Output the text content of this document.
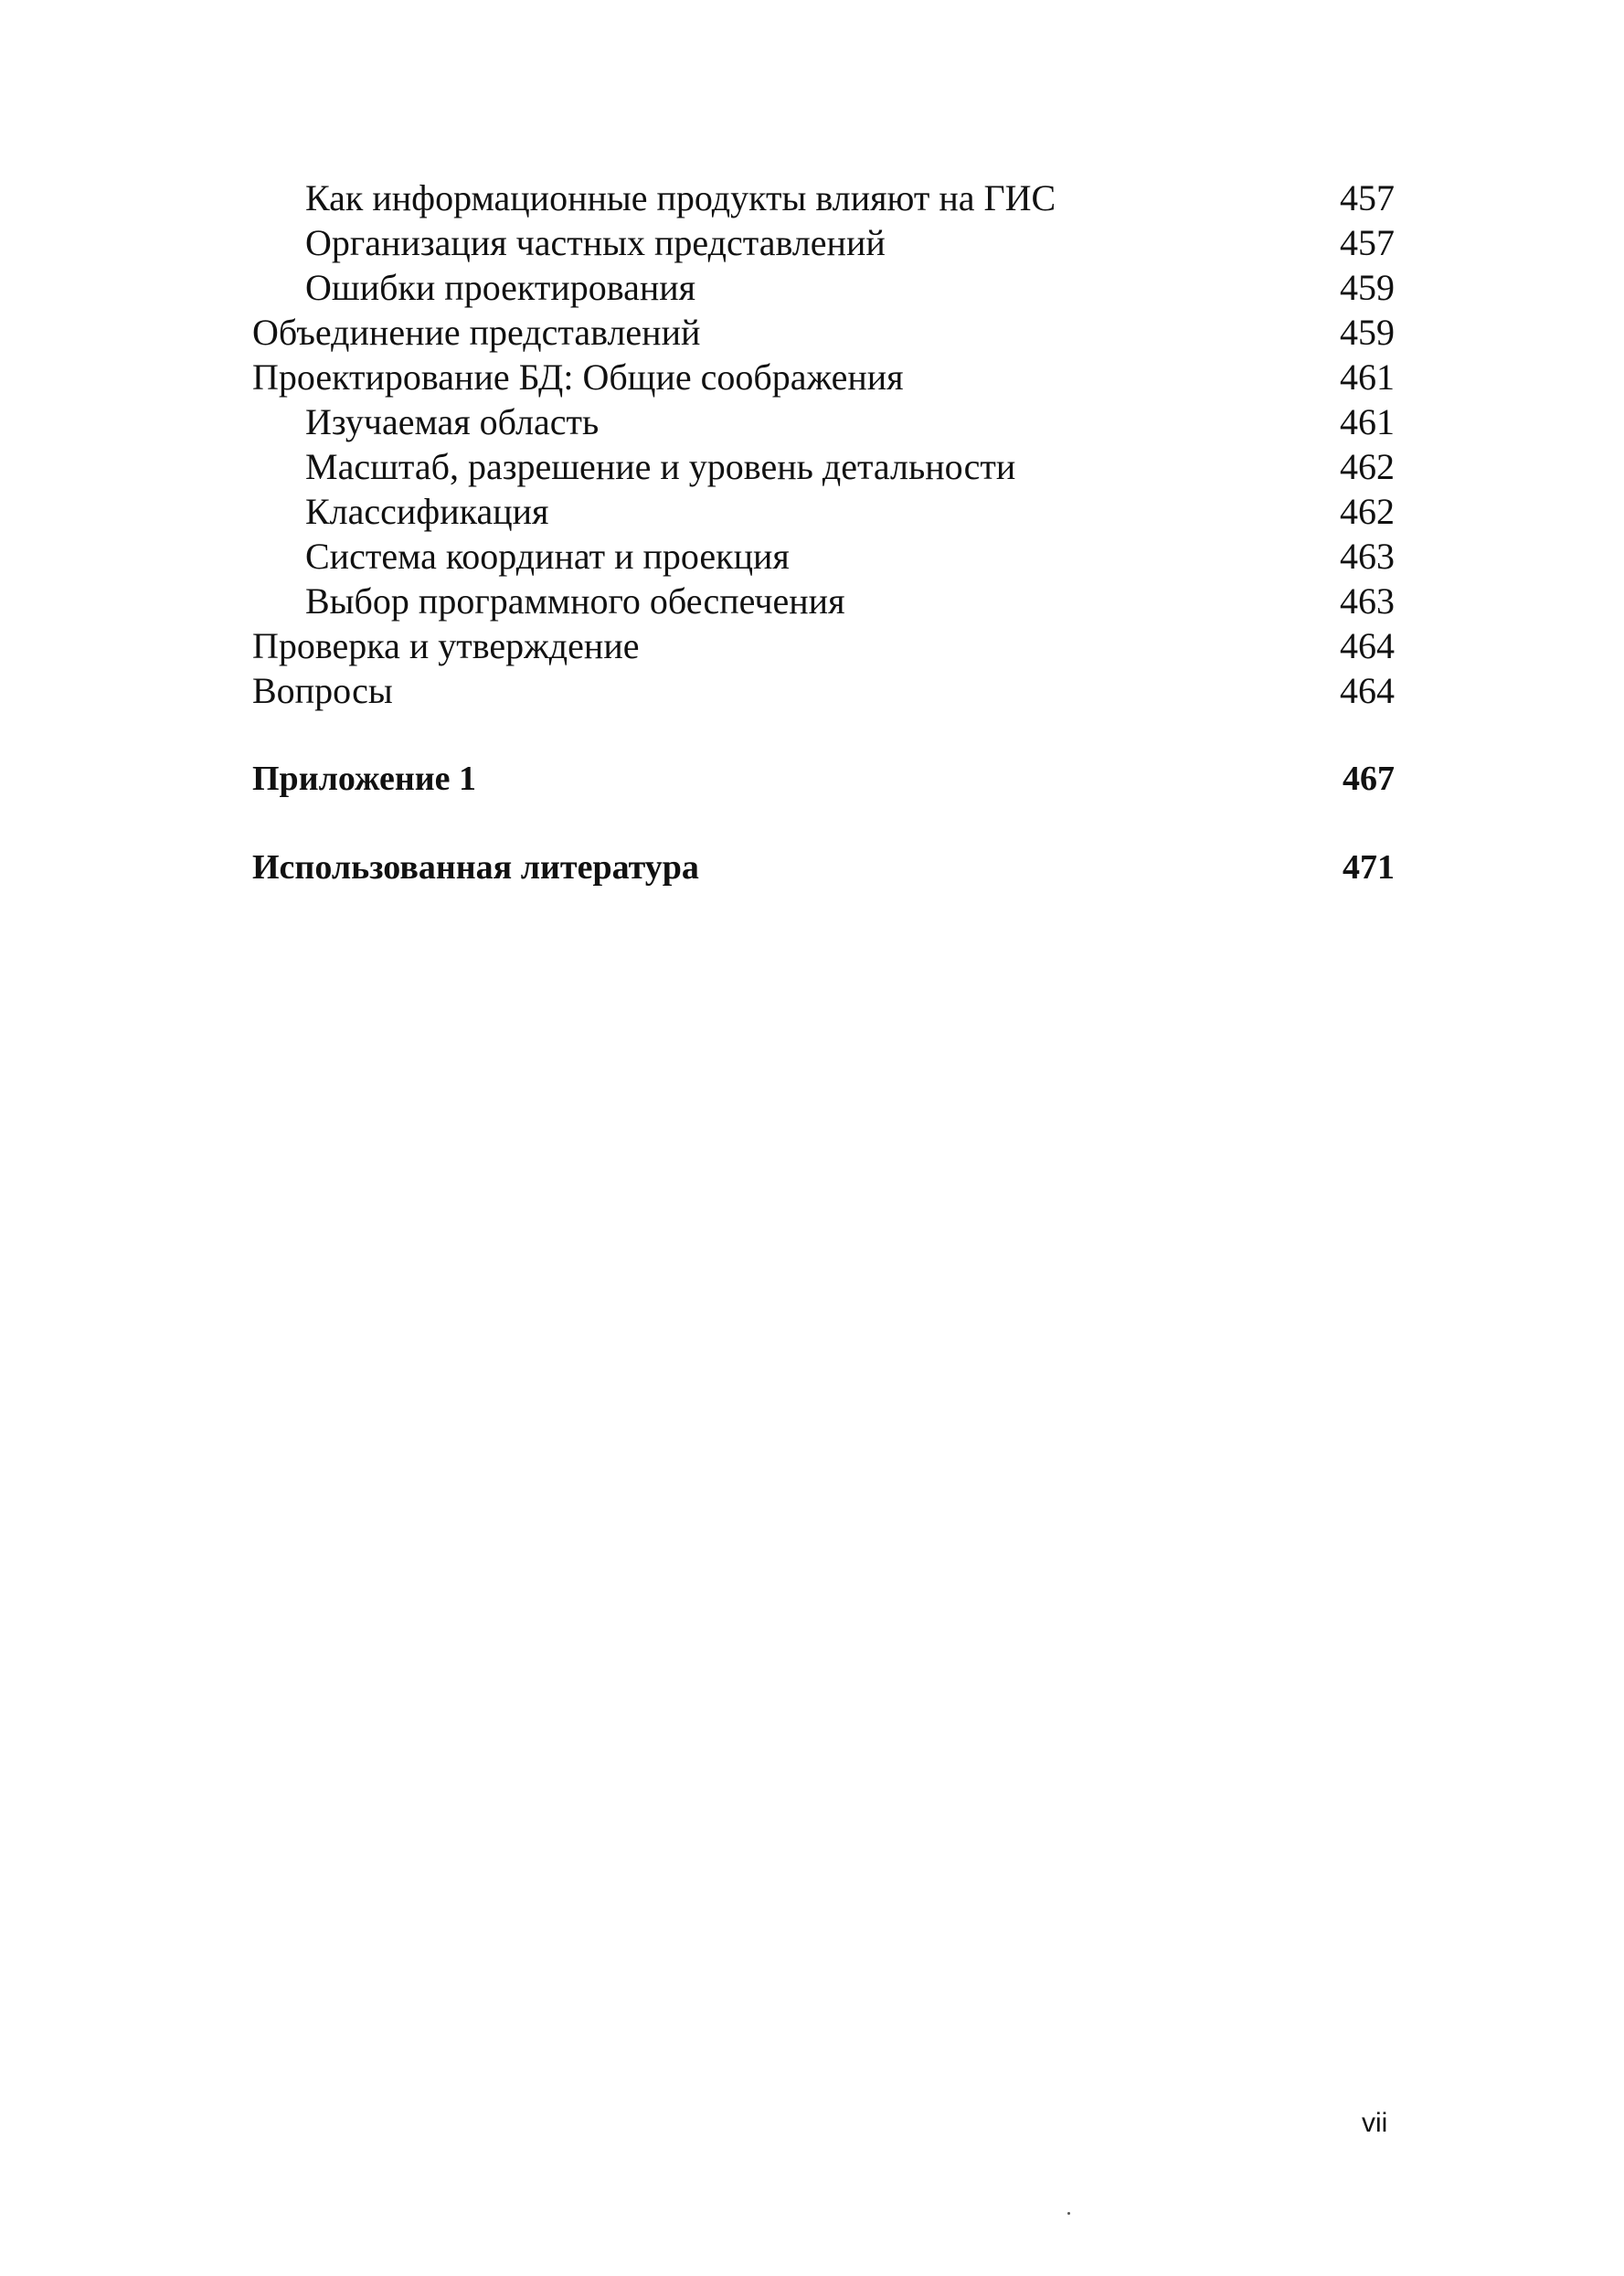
Как информационные продукты влияют на ГИС	457
Организация частных представлений	457
Ошибки проектирования	459
Объединение представлений	459
Проектирование БД: Общие соображения	461
Изучаемая область	461
Масштаб, разрешение и уровень детальности	462
Классификация	462
Система координат и проекция	463
Выбор программного обеспечения	463
Проверка и утверждение	464
Вопросы	464
Приложение 1	467
Использованная литература	471
vii
